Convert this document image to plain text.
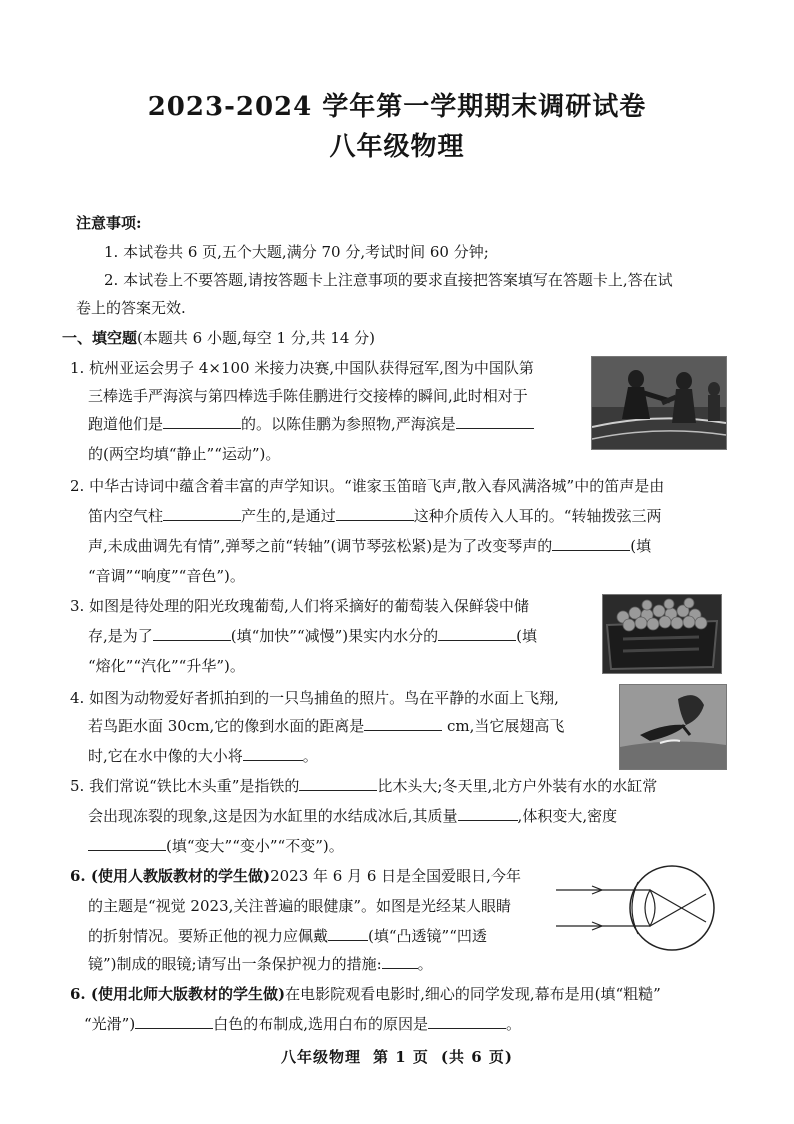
2023-2024 学年第一学期期末调研试卷
八年级物理
注意事项:
1. 本试卷共 6 页,五个大题,满分 70 分,考试时间 60 分钟;
2. 本试卷上不要答题,请按答题卡上注意事项的要求直接把答案填写在答题卡上,答在试
卷上的答案无效.
一、填空题(本题共 6 小题,每空 1 分,共 14 分)
1. 杭州亚运会男子 4×100 米接力决赛,中国队获得冠军,图为中国队第
三棒选手严海滨与第四棒选手陈佳鹏进行交接棒的瞬间,此时相对于
跑道他们是	的。以陈佳鹏为参照物,严海滨是
的(两空均填“静止”“运动”)。
2. 中华古诗词中蕴含着丰富的声学知识。“谁家玉笛暗飞声,散入春风满洛城”中的笛声是由
笛内空气柱	产生的,是通过	这种介质传入人耳的。“转轴拨弦三两
声,未成曲调先有情”,弹琴之前“转轴”(调节琴弦松紧)是为了改变琴声的	(填
“音调”“响度”“音色”)。
3. 如图是待处理的阳光玫瑰葡萄,人们将采摘好的葡萄装入保鲜袋中储
存,是为了	(填“加快”“减慢”)果实内水分的	(填
“熔化”“汽化”“升华”)。
4. 如图为动物爱好者抓拍到的一只鸟捕鱼的照片。鸟在平静的水面上飞翔,
若鸟距水面 30cm,它的像到水面的距离是	cm,当它展翅高飞
时,它在水中像的大小将	。
5. 我们常说“铁比木头重”是指铁的	比木头大;冬天里,北方户外装有水的水缸常
会出现冻裂的现象,这是因为水缸里的水结成冰后,其质量	,体积变大,密度
(填“变大”“变小”“不变”)。
6. (使用人教版教材的学生做)2023 年 6 月 6 日是全国爱眼日,今年
的主题是“视觉 2023,关注普遍的眼健康”。如图是光经某人眼睛
的折射情况。要矫正他的视力应佩戴	(填“凸透镜”“凹透
镜”)制成的眼镜;请写出一条保护视力的措施: 。
6. (使用北师大版教材的学生做)在电影院观看电影时,细心的同学发现,幕布是用(填“粗糙”
“光滑”)	白色的布制成,选用白布的原因是	。
八年级物理 第 1 页 (共 6 页)
